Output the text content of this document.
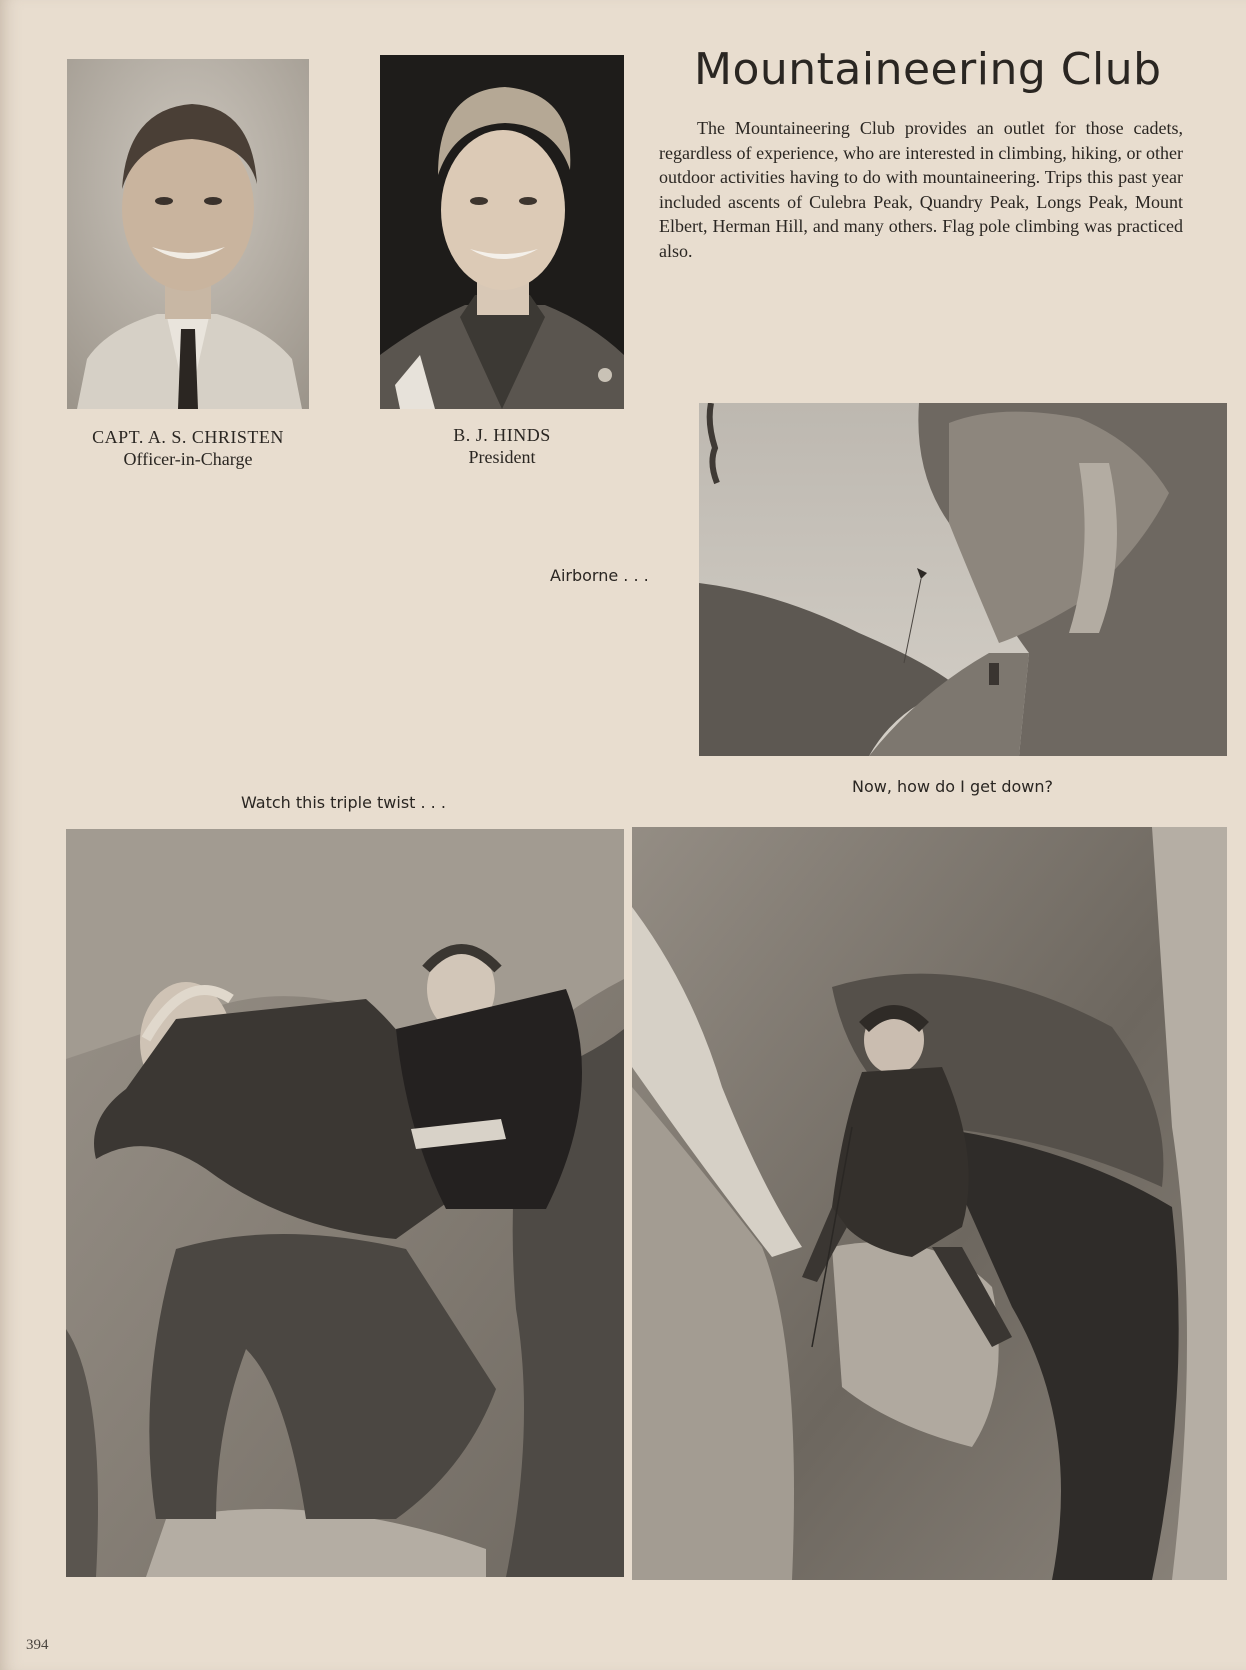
Mountaineering Club

The Mountaineering Club provides an outlet for those cadets, regardless of experience, who are interested in climbing, hiking, or other outdoor activities having to do with mountaineering. Trips this past year included ascents of Culebra Peak, Quandry Peak, Longs Peak, Mount Elbert, Herman Hill, and many others. Flag pole climbing was practiced also.

CAPT. A. S. CHRISTEN
Officer-in-Charge
B. J. HINDS
President
Airborne . . .
Now, how do I get down?
Watch this triple twist . . .
394
